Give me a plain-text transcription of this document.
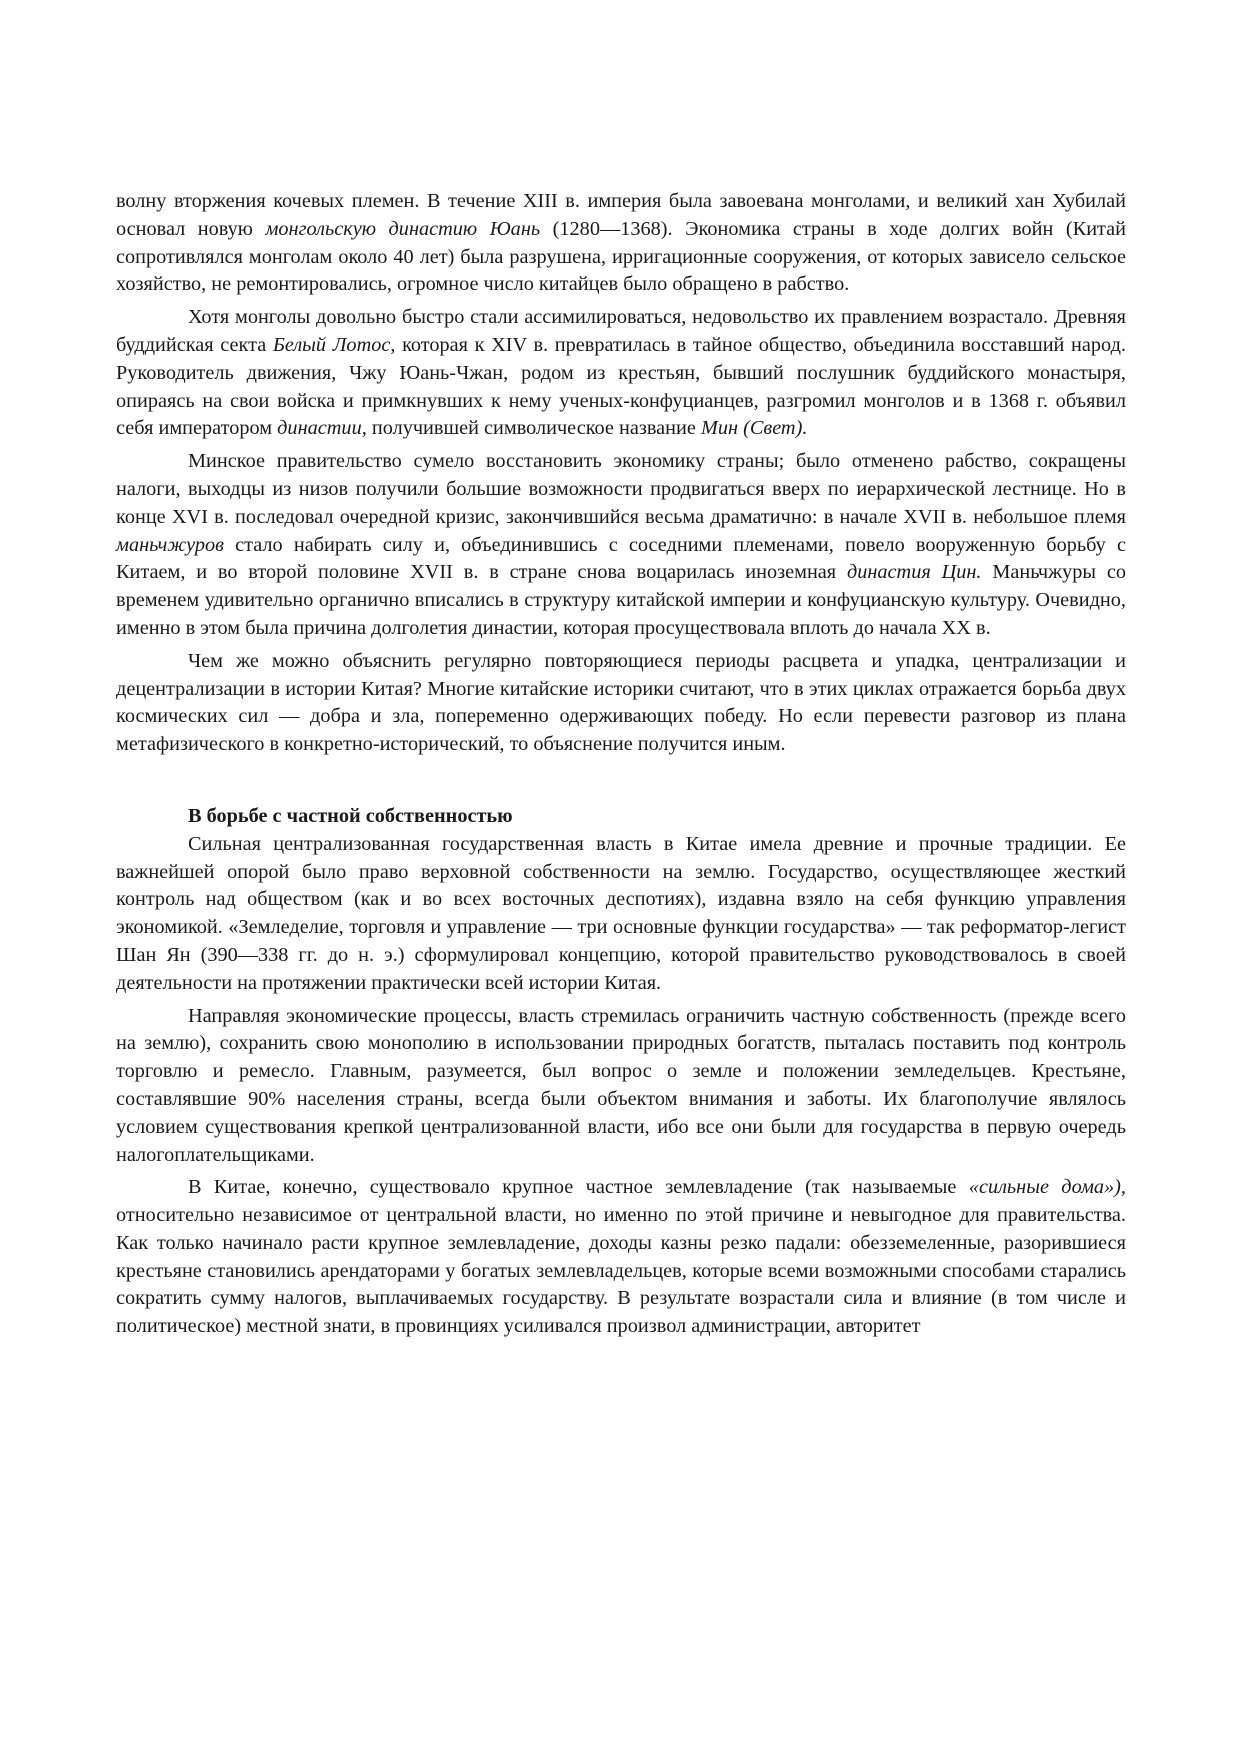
волну вторжения кочевых племен. В течение XIII в. империя была завоевана монголами, и великий хан Хубилай основал новую монгольскую династию Юань (1280—1368). Экономика страны в ходе долгих войн (Китай сопротивлялся монголам около 40 лет) была разрушена, ирригационные сооружения, от которых зависело сельское хозяйство, не ремонтировались, огромное число китайцев было обращено в рабство.

Хотя монголы довольно быстро стали ассимилироваться, недовольство их правлением возрастало. Древняя буддийская секта Белый Лотос, которая к XIV в. превратилась в тайное общество, объединила восставший народ. Руководитель движения, Чжу Юань-Чжан, родом из крестьян, бывший послушник буддийского монастыря, опираясь на свои войска и примкнувших к нему ученых-конфуцианцев, разгромил монголов и в 1368 г. объявил себя императором династии, получившей символическое название Мин (Свет).

Минское правительство сумело восстановить экономику страны; было отменено рабство, сокращены налоги, выходцы из низов получили большие возможности продвигаться вверх по иерархической лестнице. Но в конце XVI в. последовал очередной кризис, закончившийся весьма драматично: в начале XVII в. небольшое племя маньчжуров стало набирать силу и, объединившись с соседними племенами, повело вооруженную борьбу с Китаем, и во второй половине XVII в. в стране снова воцарилась иноземная династия Цин. Маньчжуры со временем удивительно органично вписались в структуру китайской империи и конфуцианскую культуру. Очевидно, именно в этом была причина долголетия династии, которая просуществовала вплоть до начала XX в.

Чем же можно объяснить регулярно повторяющиеся периоды расцвета и упадка, централизации и децентрализации в истории Китая? Многие китайские историки считают, что в этих циклах отражается борьба двух космических сил — добра и зла, попеременно одерживающих победу. Но если перевести разговор из плана метафизического в конкретно-исторический, то объяснение получится иным.

В борьбе с частной собственностью

Сильная централизованная государственная власть в Китае имела древние и прочные традиции. Ее важнейшей опорой было право верховной собственности на землю. Государство, осуществляющее жесткий контроль над обществом (как и во всех восточных деспотиях), издавна взяло на себя функцию управления экономикой. «Земледелие, торговля и управление — три основные функции государства» — так реформатор-легист Шан Ян (390—338 гг. до н. э.) сформулировал концепцию, которой правительство руководствовалось в своей деятельности на протяжении практически всей истории Китая.

Направляя экономические процессы, власть стремилась ограничить частную собственность (прежде всего на землю), сохранить свою монополию в использовании природных богатств, пыталась поставить под контроль торговлю и ремесло. Главным, разумеется, был вопрос о земле и положении земледельцев. Крестьяне, составлявшие 90% населения страны, всегда были объектом внимания и заботы. Их благополучие являлось условием существования крепкой централизованной власти, ибо все они были для государства в первую очередь налогоплательщиками.

В Китае, конечно, существовало крупное частное землевладение (так называемые «сильные дома»), относительно независимое от центральной власти, но именно по этой причине и невыгодное для правительства. Как только начинало расти крупное землевладение, доходы казны резко падали: обезземеленные, разорившиеся крестьяне становились арендаторами у богатых землевладельцев, которые всеми возможными способами старались сократить сумму налогов, выплачиваемых государству. В результате возрастали сила и влияние (в том числе и политическое) местной знати, в провинциях усиливался произвол администрации, авторитет
